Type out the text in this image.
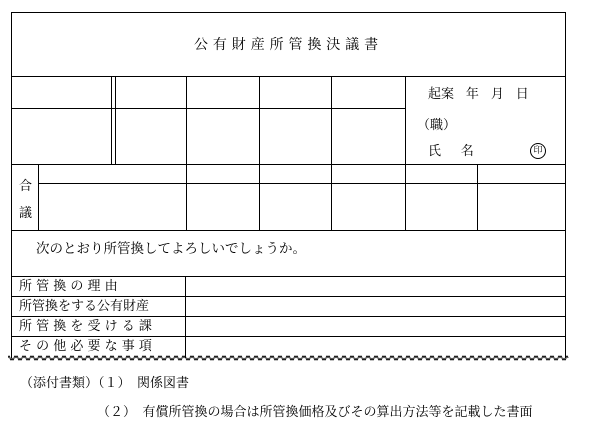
公有財産所管換決議書
起案 年 月 日
（職）
氏 名	印
合
議
次のとおり所管換してよろしいでしょうか。
所 管 換 の 理 由
所管換をする公有財産
所 管 換 を 受 け る 課
そ の 他 必 要 な 事 項
（添付書類）（１）　関係図書
（２）　有償所管換の場合は所管換価格及びその算出方法等を記載した書面
